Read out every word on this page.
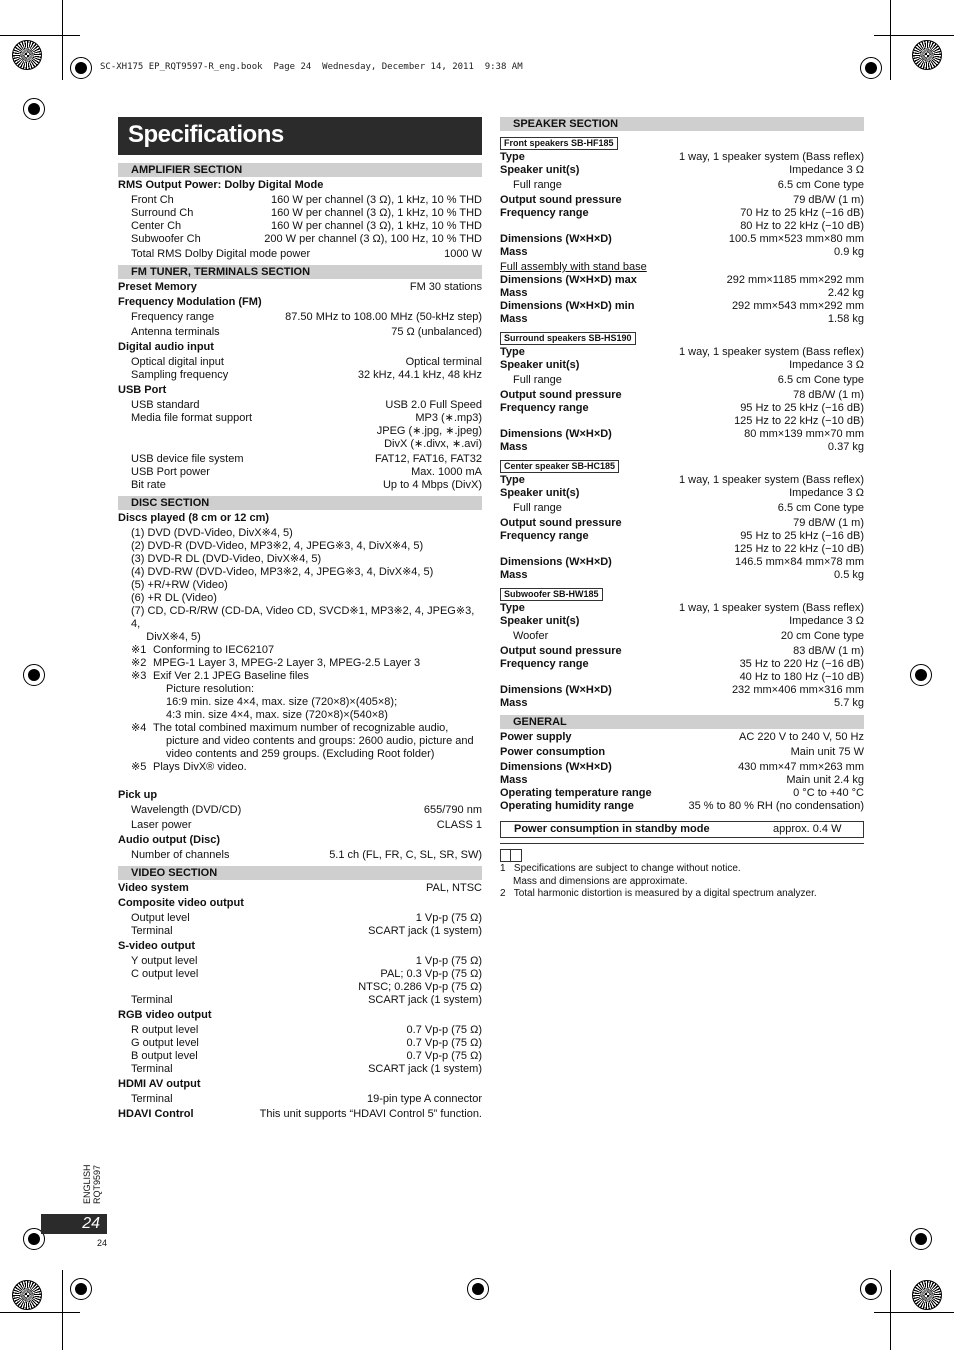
SC-XH175 EP_RQT9597-R_eng.book  Page 24  Wednesday, December 14, 2011  9:38 AM
Specifications
AMPLIFIER SECTION
RMS Output Power: Dolby Digital Mode
Front Ch	160 W per channel (3 Ω), 1 kHz, 10 % THD
Surround Ch	160 W per channel (3 Ω), 1 kHz, 10 % THD
Center Ch	160 W per channel (3 Ω), 1 kHz, 10 % THD
Subwoofer Ch	200 W per channel (3 Ω), 100 Hz, 10 % THD
Total RMS Dolby Digital mode power	1000 W
FM TUNER, TERMINALS SECTION
Preset Memory	FM 30 stations
Frequency Modulation (FM)
Frequency range	87.50 MHz to 108.00 MHz (50-kHz step)
Antenna terminals	75 Ω (unbalanced)
Digital audio input
Optical digital input	Optical terminal
Sampling frequency	32 kHz, 44.1 kHz, 48 kHz
USB Port
USB standard	USB 2.0 Full Speed
Media file format support	MP3 (∗.mp3)
JPEG (∗.jpg, ∗.jpeg)
DivX (∗.divx, ∗.avi)
USB device file system	FAT12, FAT16, FAT32
USB Port power	Max. 1000 mA
Bit rate	Up to 4 Mbps (DivX)
DISC SECTION
Discs played (8 cm or 12 cm)
(1) DVD (DVD-Video, DivX※4, 5)
(2) DVD-R (DVD-Video, MP3※2, 4, JPEG※3, 4, DivX※4, 5)
(3) DVD-R DL (DVD-Video, DivX※4, 5)
(4) DVD-RW (DVD-Video, MP3※2, 4, JPEG※3, 4, DivX※4, 5)
(5) +R/+RW (Video)
(6) +R DL (Video)
(7) CD, CD-R/RW (CD-DA, Video CD, SVCD※1, MP3※2, 4, JPEG※3, 4,
DivX※4, 5)
※1 Conforming to IEC62107
※2 MPEG-1 Layer 3, MPEG-2 Layer 3, MPEG-2.5 Layer 3
※3 Exif Ver 2.1 JPEG Baseline files
Picture resolution:
16:9 min. size 4×4, max. size (720×8)×(405×8);
4:3 min. size 4×4, max. size (720×8)×(540×8)
※4 The total combined maximum number of recognizable audio,
picture and video contents and groups: 2600 audio, picture and
video contents and 259 groups. (Excluding Root folder)
※5 Plays DivX® video.
Pick up
Wavelength (DVD/CD)	655/790 nm
Laser power	CLASS 1
Audio output (Disc)
Number of channels	5.1 ch (FL, FR, C, SL, SR, SW)
VIDEO SECTION
Video system	PAL, NTSC
Composite video output
Output level	1 Vp-p (75 Ω)
Terminal	SCART jack (1 system)
S-video output
Y output level	1 Vp-p (75 Ω)
C output level	PAL; 0.3 Vp-p (75 Ω)
NTSC; 0.286 Vp-p (75 Ω)
Terminal	SCART jack (1 system)
RGB video output
R output level	0.7 Vp-p (75 Ω)
G output level	0.7 Vp-p (75 Ω)
B output level	0.7 Vp-p (75 Ω)
Terminal	SCART jack (1 system)
HDMI AV output
Terminal	19-pin type A connector
HDAVI Control	This unit supports “HDAVI Control 5” function.
SPEAKER SECTION
Front speakers SB-HF185
Type	1 way, 1 speaker system (Bass reflex)
Speaker unit(s)	Impedance 3 Ω
Full range	6.5 cm Cone type
Output sound pressure	79 dB/W (1 m)
Frequency range	70 Hz to 25 kHz (−16 dB)
80 Hz to 22 kHz (−10 dB)
Dimensions (W×H×D)	100.5 mm×523 mm×80 mm
Mass	0.9 kg
Full assembly with stand base
Dimensions (W×H×D) max	292 mm×1185 mm×292 mm
Mass	2.42 kg
Dimensions (W×H×D) min	292 mm×543 mm×292 mm
Mass	1.58 kg
Surround speakers SB-HS190
Type	1 way, 1 speaker system (Bass reflex)
Speaker unit(s)	Impedance 3 Ω
Full range	6.5 cm Cone type
Output sound pressure	78 dB/W (1 m)
Frequency range	95 Hz to 25 kHz (−16 dB)
125 Hz to 22 kHz (−10 dB)
Dimensions (W×H×D)	80 mm×139 mm×70 mm
Mass	0.37 kg
Center speaker SB-HC185
Type	1 way, 1 speaker system (Bass reflex)
Speaker unit(s)	Impedance 3 Ω
Full range	6.5 cm Cone type
Output sound pressure	79 dB/W (1 m)
Frequency range	95 Hz to 25 kHz (−16 dB)
125 Hz to 22 kHz (−10 dB)
Dimensions (W×H×D)	146.5 mm×84 mm×78 mm
Mass	0.5 kg
Subwoofer SB-HW185
Type	1 way, 1 speaker system (Bass reflex)
Speaker unit(s)	Impedance 3 Ω
Woofer	20 cm Cone type
Output sound pressure	83 dB/W (1 m)
Frequency range	35 Hz to 220 Hz (−16 dB)
40 Hz to 180 Hz (−10 dB)
Dimensions (W×H×D)	232 mm×406 mm×316 mm
Mass	5.7 kg
GENERAL
Power supply	AC 220 V to 240 V, 50 Hz
Power consumption	Main unit 75 W
Dimensions (W×H×D)	430 mm×47 mm×263 mm
Mass	Main unit 2.4 kg
Operating temperature range	0 °C to +40 °C
Operating humidity range	35 % to 80 % RH (no condensation)
Power consumption in standby mode	approx. 0.4 W
1   Specifications are subject to change without notice.
Mass and dimensions are approximate.
2   Total harmonic distortion is measured by a digital spectrum analyzer.
ENGLISH RQT9597
24
24
